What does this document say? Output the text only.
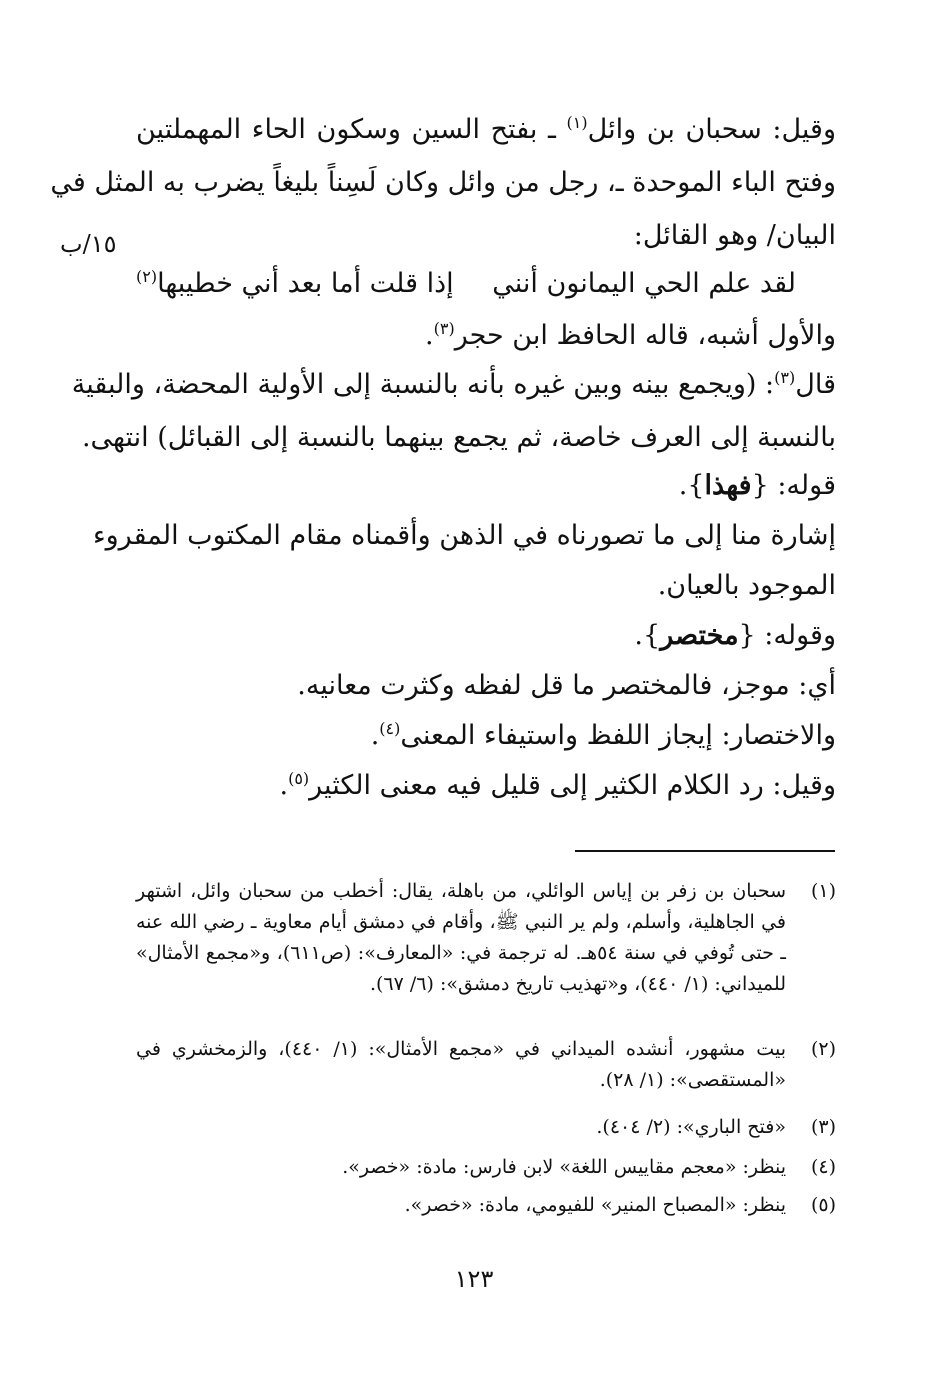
١٥/ب
وقيل: سحبان بن وائل$^{(١)}$ ـ بفتح السين وسكون الحاء المهملتين
وفتح الباء الموحدة ـ، رجل من وائل وكان لَسِناً بليغاً يضرب به المثل في
البيان/ وهو القائل:
لقد علم الحي اليمانون أنني
إذا قلت أما بعد أني خطيبها$^{(٢)}$
والأول أشبه، قاله الحافظ ابن حجر$^{(٣)}$.
قال$^{(٣)}$: (ويجمع بينه وبين غيره بأنه بالنسبة إلى الأولية المحضة، والبقية
بالنسبة إلى العرف خاصة، ثم يجمع بينهما بالنسبة إلى القبائل) انتهى.
قوله: {فهذا}.
إشارة منا إلى ما تصورناه في الذهن وأقمناه مقام المكتوب المقروء
الموجود بالعيان.
وقوله: {مختصر}.
أي: موجز، فالمختصر ما قل لفظه وكثرت معانيه.
والاختصار: إيجاز اللفظ واستيفاء المعنى$^{(٤)}$.
وقيل: رد الكلام الكثير إلى قليل فيه معنى الكثير$^{(٥)}$.
(١)
سحبان بن زفر بن إياس الوائلي، من باهلة، يقال: أخطب من سحبان وائل، اشتهر في الجاهلية، وأسلم، ولم ير النبي ﷺ، وأقام في دمشق أيام معاوية ـ رضي الله عنه ـ حتى تُوفي في سنة ٥٤هـ. له ترجمة في: «المعارف»: (ص٦١١)، و«مجمع الأمثال» للميداني: (١/ ٤٤٠)، و«تهذيب تاريخ دمشق»: (٦/ ٦٧).
(٢)
بيت مشهور، أنشده الميداني في «مجمع الأمثال»: (١/ ٤٤٠)، والزمخشري في «المستقصى»: (١/ ٢٨).
(٣)
«فتح الباري»: (٢/ ٤٠٤).
(٤)
ينظر: «معجم مقاييس اللغة» لابن فارس: مادة: «خصر».
(٥)
ينظر: «المصباح المنير» للفيومي، مادة: «خصر».
١٢٣
